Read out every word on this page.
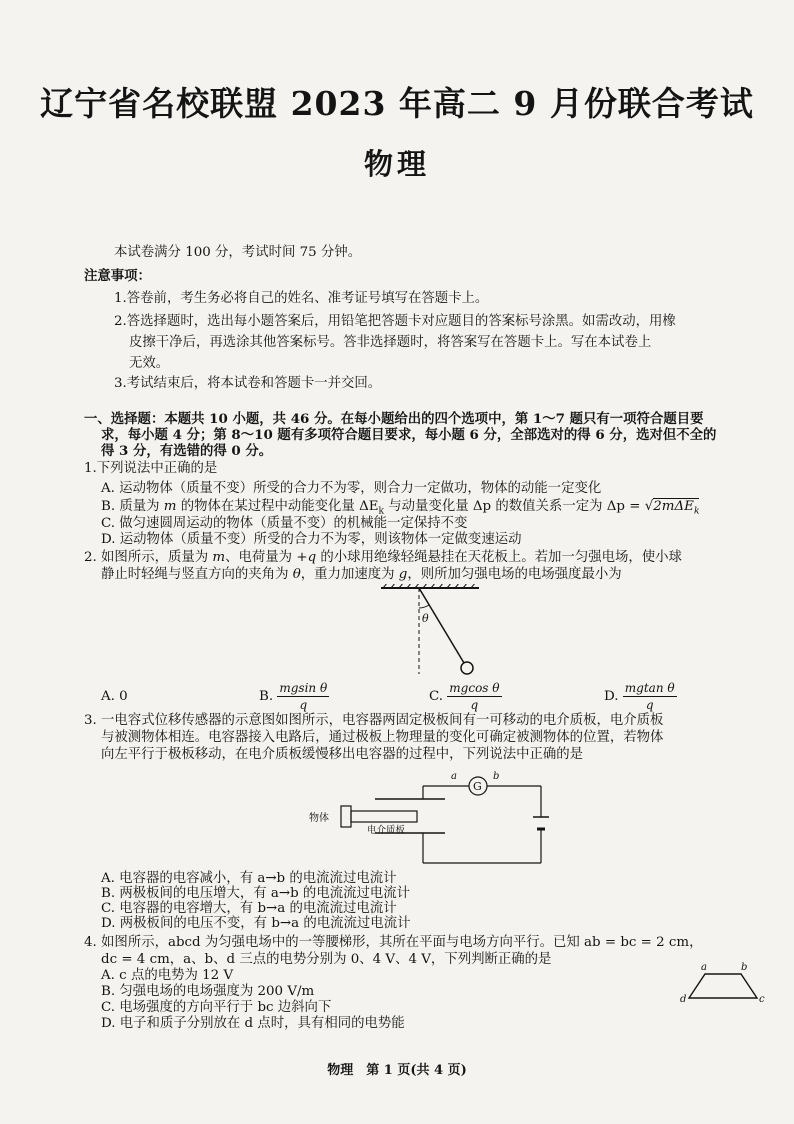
辽宁省名校联盟 2023 年高二 9 月份联合考试
物理
本试卷满分 100 分，考试时间 75 分钟。
注意事项：
1.答卷前，考生务必将自己的姓名、准考证号填写在答题卡上。
2.答选择题时，选出每小题答案后，用铅笔把答题卡对应题目的答案标号涂黑。如需改动，用橡
皮擦干净后，再选涂其他答案标号。答非选择题时，将答案写在答题卡上。写在本试卷上
无效。
3.考试结束后，将本试卷和答题卡一并交回。
一、选择题：本题共 10 小题，共 46 分。在每小题给出的四个选项中，第 1～7 题只有一项符合题目要
求，每小题 4 分；第 8～10 题有多项符合题目要求，每小题 6 分，全部选对的得 6 分，选对但不全的
得 3 分，有选错的得 0 分。
1.下列说法中正确的是
A. 运动物体（质量不变）所受的合力不为零，则合力一定做功，物体的动能一定变化
B. 质量为 m 的物体在某过程中动能变化量 $\Delta E_k$ 与动量变化量 Δp 的数值关系一定为 Δp = √2mΔE$_k$
C. 做匀速圆周运动的物体（质量不变）的机械能一定保持不变
D. 运动物体（质量不变）所受的合力不为零，则该物体一定做变速运动
2. 如图所示，质量为 m、电荷量为 +q 的小球用绝缘轻绳悬挂在天花板上。若加一匀强电场，使小球
静止时轻绳与竖直方向的夹角为 θ，重力加速度为 g，则所加匀强电场的电场强度最小为
θ
A. 0	B. $\frac{\text{mgsin θ}}{q}$	C. $\frac{\text{mgcos θ}}{q}$	D. $\frac{\text{mgtan θ}}{q}$
3. 一电容式位移传感器的示意图如图所示，电容器两固定极板间有一可移动的电介质板，电介质板
与被测物体相连。电容器接入电路后，通过极板上物理量的变化可确定被测物体的位置，若物体
向左平行于极板移动，在电介质板缓慢移出电容器的过程中，下列说法中正确的是
G
a	b
物体
电介质板
A. 电容器的电容减小，有 a→b 的电流流过电流计
B. 两极板间的电压增大，有 a→b 的电流流过电流计
C. 电容器的电容增大，有 b→a 的电流流过电流计
D. 两极板间的电压不变，有 b→a 的电流流过电流计
4. 如图所示，abcd 为匀强电场中的一等腰梯形，其所在平面与电场方向平行。已知 ab = bc = 2 cm，
dc = 4 cm，a、b、d 三点的电势分别为 0、4 V、4 V，下列判断正确的是
A. c 点的电势为 12 V
B. 匀强电场的电场强度为 200 V/m
C. 电场强度的方向平行于 bc 边斜向下
D. 电子和质子分别放在 d 点时，具有相同的电势能
a	b
c
d
物理　第 1 页(共 4 页)
